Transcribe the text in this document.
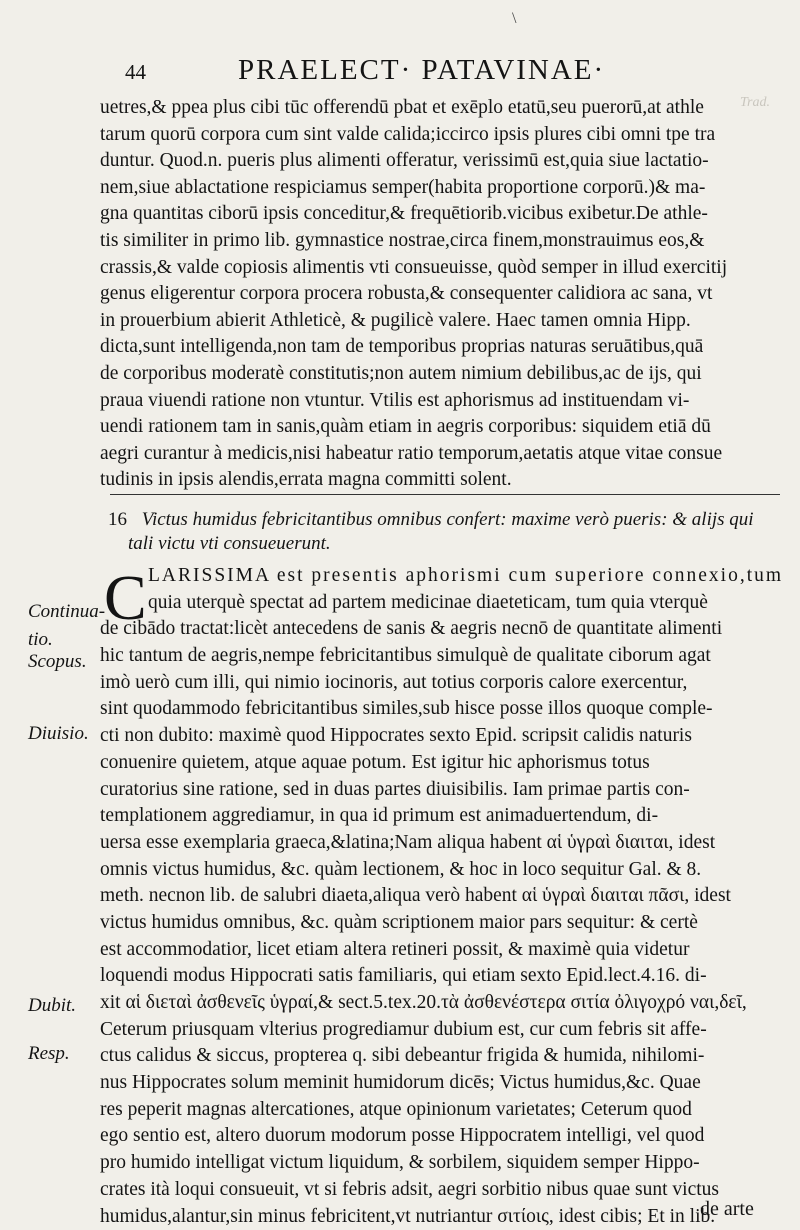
\
44	PRAELECT· PATAVINAE·
Trad.
uetres,& ppea plus cibi tūc offerendū pbat et exēplo etatū,seu puerorū,at athle
tarum quorū corpora cum sint valde calida;iccirco ipsis plures cibi omni tpe tra
duntur. Quod.n. pueris plus alimenti offeratur, verissimū est,quia siue lactatio-
nem,siue ablactatione respiciamus semper(habita proportione corporū.)& ma-
gna quantitas ciborū ipsis conceditur,& frequētiorib.vicibus exibetur.De athle-
tis similiter in primo lib. gymnastice nostrae,circa finem,monstrauimus eos,&
crassis,& valde copiosis alimentis vti consueuisse, quòd semper in illud exercitij
genus eligerentur corpora procera robusta,& consequenter calidiora ac sana, vt
in prouerbium abierit Athleticè, & pugilicè valere. Haec tamen omnia Hipp.
dicta,sunt intelligenda,non tam de temporibus proprias naturas seruātibus,quā
de corporibus moderatè constitutis;non autem nimium debilibus,ac de ijs, qui
praua viuendi ratione non vtuntur. Vtilis est aphorismus ad instituendam vi-
uendi rationem tam in sanis,quàm etiam in aegris corporibus: siquidem etiā dū
aegri curantur à medicis,nisi habeatur ratio temporum,aetatis atque vitae consue
tudinis in ipsis alendis,errata magna committi solent.
16 Victus humidus febricitantibus omnibus confert: maxime verò pueris: & alijs qui
tali victu vti consueuerunt.
C LARISSIMA est presentis aphorismi cum superiore connexio,tum
quia uterquè spectat ad partem medicinae diaeteticam, tum quia vterquè
de cibādo tractat:licèt antecedens de sanis & aegris necnō de quantitate alimenti
hic tantum de aegris,nempe febricitantibus simulquè de qualitate ciborum agat
imò uerò cum illi, qui nimio iocinoris, aut totius corporis calore exercentur,
sint quodammodo febricitantibus similes,sub hisce posse illos quoque comple-
cti non dubito: maximè quod Hippocrates sexto Epid. scripsit calidis naturis
conuenire quietem, atque aquae potum. Est igitur hic aphorismus totus
curatorius sine ratione, sed in duas partes diuisibilis. Iam primae partis con-
templationem aggrediamur, in qua id primum est animaduertendum, di-
uersa esse exemplaria graeca,&latina;Nam aliqua habent αἱ ὑγραὶ διαιται, idest
omnis victus humidus, &c. quàm lectionem, & hoc in loco sequitur Gal. & 8.
meth. necnon lib. de salubri diaeta,aliqua verò habent αἱ ὑγραὶ διαιται πᾶσι, idest
victus humidus omnibus, &c. quàm scriptionem maior pars sequitur: & certè
est accommodatior, licet etiam altera retineri possit, & maximè quia videtur
loquendi modus Hippocrati satis familiaris, qui etiam sexto Epid.lect.4.16. di-
xit αἱ διεταὶ ἀσθενεῖς ὑγραί,& sect.5.tex.20.τὰ ἀσθενέστερα σιτία ὀλιγοχρό ναι,δεῖ,
Ceterum priusquam vlterius progrediamur dubium est, cur cum febris sit affe-
ctus calidus & siccus, propterea q. sibi debeantur frigida & humida, nihilomi-
nus Hippocrates solum meminit humidorum dicēs; Victus humidus,&c. Quae
res peperit magnas altercationes, atque opinionum varietates; Ceterum quod
ego sentio est, altero duorum modorum posse Hippocratem intelligi, vel quod
pro humido intelligat victum liquidum, & sorbilem, siquidem semper Hippo-
crates ità loqui consueuit, vt si febris adsit, aegri sorbitio nibus quae sunt victus
humidus,alantur,sin minus febricitent,vt nutriantur σιτίοις, idest cibis; Et in lib.
de arte
Continua-tio.
Scopus.
Diuisio.
Dubit.
Resp.
